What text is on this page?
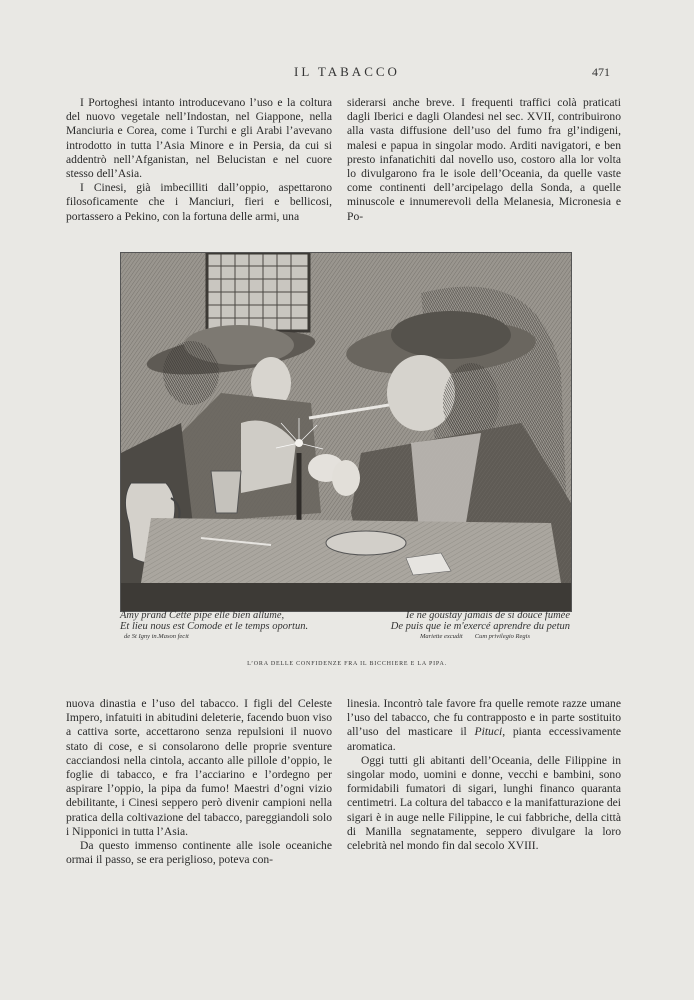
IL TABACCO	471

I Portoghesi intanto introducevano l’uso e la coltura del nuovo vegetale nell’Indostan, nel Giappone, nella Manciuria e Corea, come i Turchi e gli Arabi l’avevano introdotto in tutta l’Asia Minore e in Persia, da cui si addentrò nell’Afganistan, nel Belucistan e nel cuore stesso dell’Asia.

I Cinesi, già imbecilliti dall’oppio, aspettarono filosoficamente che i Manciuri, fieri e bellicosi, portassero a Pekino, con la fortuna delle armi, una

siderarsi anche breve. I frequenti traffici colà praticati dagli Iberici e dagli Olandesi nel sec. XVII, contribuirono alla vasta diffusione dell’uso del fumo fra gl’indigeni, malesi e papua in singolar modo. Arditi navigatori, e ben presto infanatichiti dal novello uso, costoro alla lor volta lo divulgarono fra le isole dell’Oceania, da quelle vaste come continenti dell’arcipelago della Sonda, a quelle minuscole e innumerevoli della Melanesia, Micronesia e Po-

Amy prand Cette pipe elle bien allume,	Ie ne goustay jamais de si douce fumée
Et lieu nous est Comode et le temps oportun.	De puis que ie m'exercé aprendre du petun
de St Igny in. Mason fecit	Mariette excudit Cum privilegio Regis
L’ORA DELLE CONFIDENZE FRA IL BICCHIERE E LA PIPA.

nuova dinastia e l’uso del tabacco. I figli del Celeste Impero, infatuiti in abitudini deleterie, facendo buon viso a cattiva sorte, accettarono senza repulsioni il nuovo stato di cose, e si consolarono delle proprie sventure cacciandosi nella cintola, accanto alle pillole d’oppio, le foglie di tabacco, e fra l’acciarino e l’ordegno per aspirare l’oppio, la pipa da fumo! Maestri d’ogni vizio debilitante, i Cinesi seppero però divenir campioni nella pratica della coltivazione del tabacco, pareggiandoli solo i Nipponici in tutta l’Asia.

Da questo immenso continente alle isole oceaniche ormai il passo, se era periglioso, poteva con-

linesia. Incontrò tale favore fra quelle remote razze umane l’uso del tabacco, che fu contrapposto e in parte sostituito all’uso del masticare il Pituci, pianta eccessivamente aromatica.

Oggi tutti gli abitanti dell’Oceania, delle Filippine in singolar modo, uomini e donne, vecchi e bambini, sono formidabili fumatori di sigari, lunghi financo quaranta centimetri. La coltura del tabacco e la manifatturazione dei sigari è in auge nelle Filippine, le cui fabbriche, della città di Manilla segnatamente, seppero divulgare la loro celebrità nel mondo fin dal secolo XVIII.
